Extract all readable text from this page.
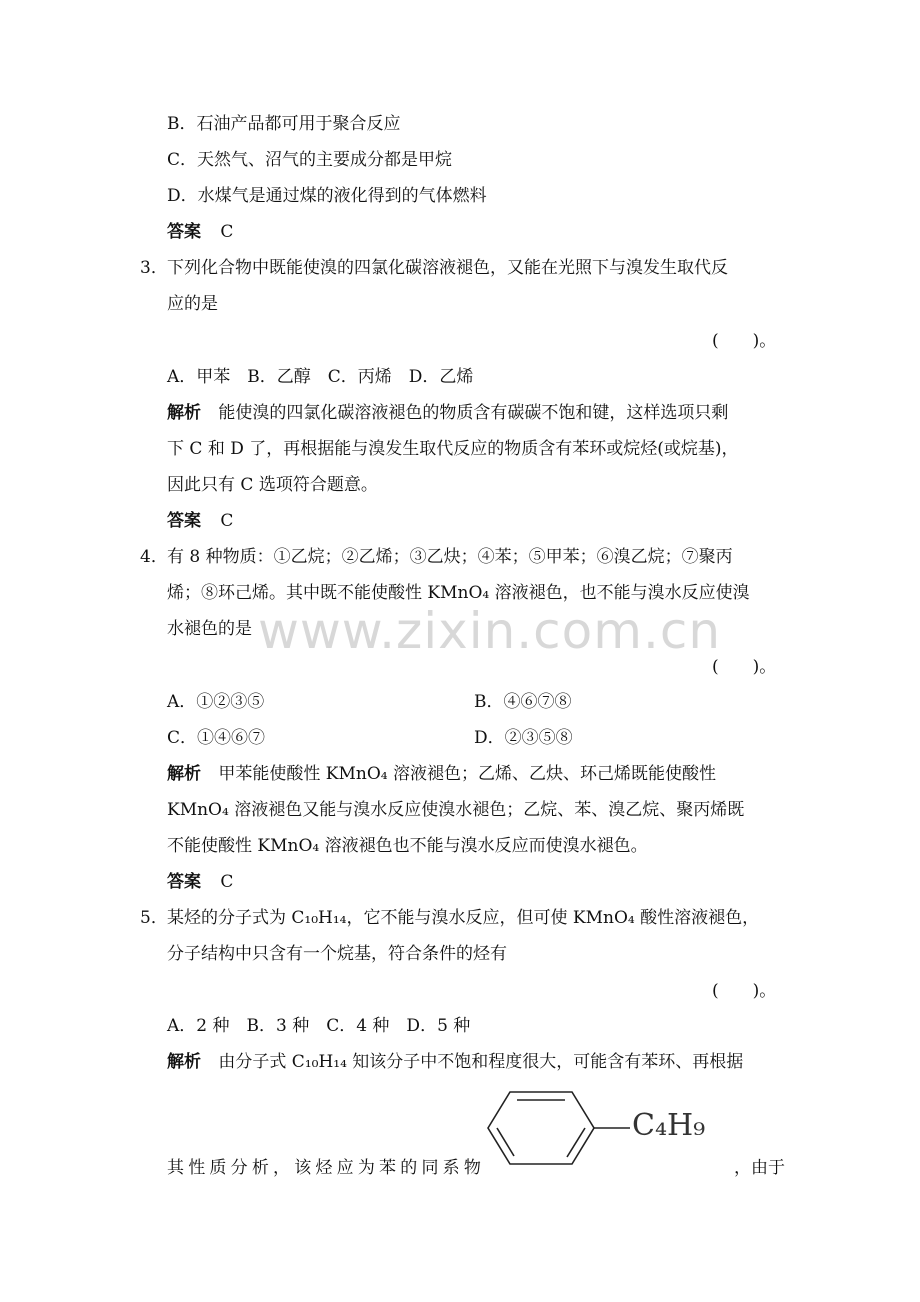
B．石油产品都可用于聚合反应
C．天然气、沼气的主要成分都是甲烷
D．水煤气是通过煤的液化得到的气体燃料
答案 C
3． 下列化合物中既能使溴的四氯化碳溶液褪色，又能在光照下与溴发生取代反
应的是
(　　)。
A．甲苯　B．乙醇　C．丙烯　D．乙烯
解析 能使溴的四氯化碳溶液褪色的物质含有碳碳不饱和键，这样选项只剩
下 C 和 D 了，再根据能与溴发生取代反应的物质含有苯环或烷烃(或烷基)，
因此只有 C 选项符合题意。
答案 C
4． 有 8 种物质：①乙烷；②乙烯；③乙炔；④苯；⑤甲苯；⑥溴乙烷；⑦聚丙
烯；⑧环己烯。其中既不能使酸性 KMnO₄ 溶液褪色，也不能与溴水反应使溴
水褪色的是 www.zixin.com.cn
(　　)。
A．①②③⑤	B．④⑥⑦⑧
C．①④⑥⑦	D．②③⑤⑧
解析 甲苯能使酸性 KMnO₄ 溶液褪色；乙烯、乙炔、环己烯既能使酸性
KMnO₄ 溶液褪色又能与溴水反应使溴水褪色；乙烷、苯、溴乙烷、聚丙烯既
不能使酸性 KMnO₄ 溶液褪色也不能与溴水反应而使溴水褪色。
答案 C
5． 某烃的分子式为 C₁₀H₁₄，它不能与溴水反应，但可使 KMnO₄ 酸性溶液褪色，
分子结构中只含有一个烷基，符合条件的烃有
(　　)。
A．2 种　B．3 种　C．4 种　D．5 种
解析 由分子式 C₁₀H₁₄ 知该分子中不饱和程度很大，可能含有苯环、再根据
C₄H₉
其 性 质 分 析 ， 该 烃 应 为 苯 的 同 系 物	， 由 于
